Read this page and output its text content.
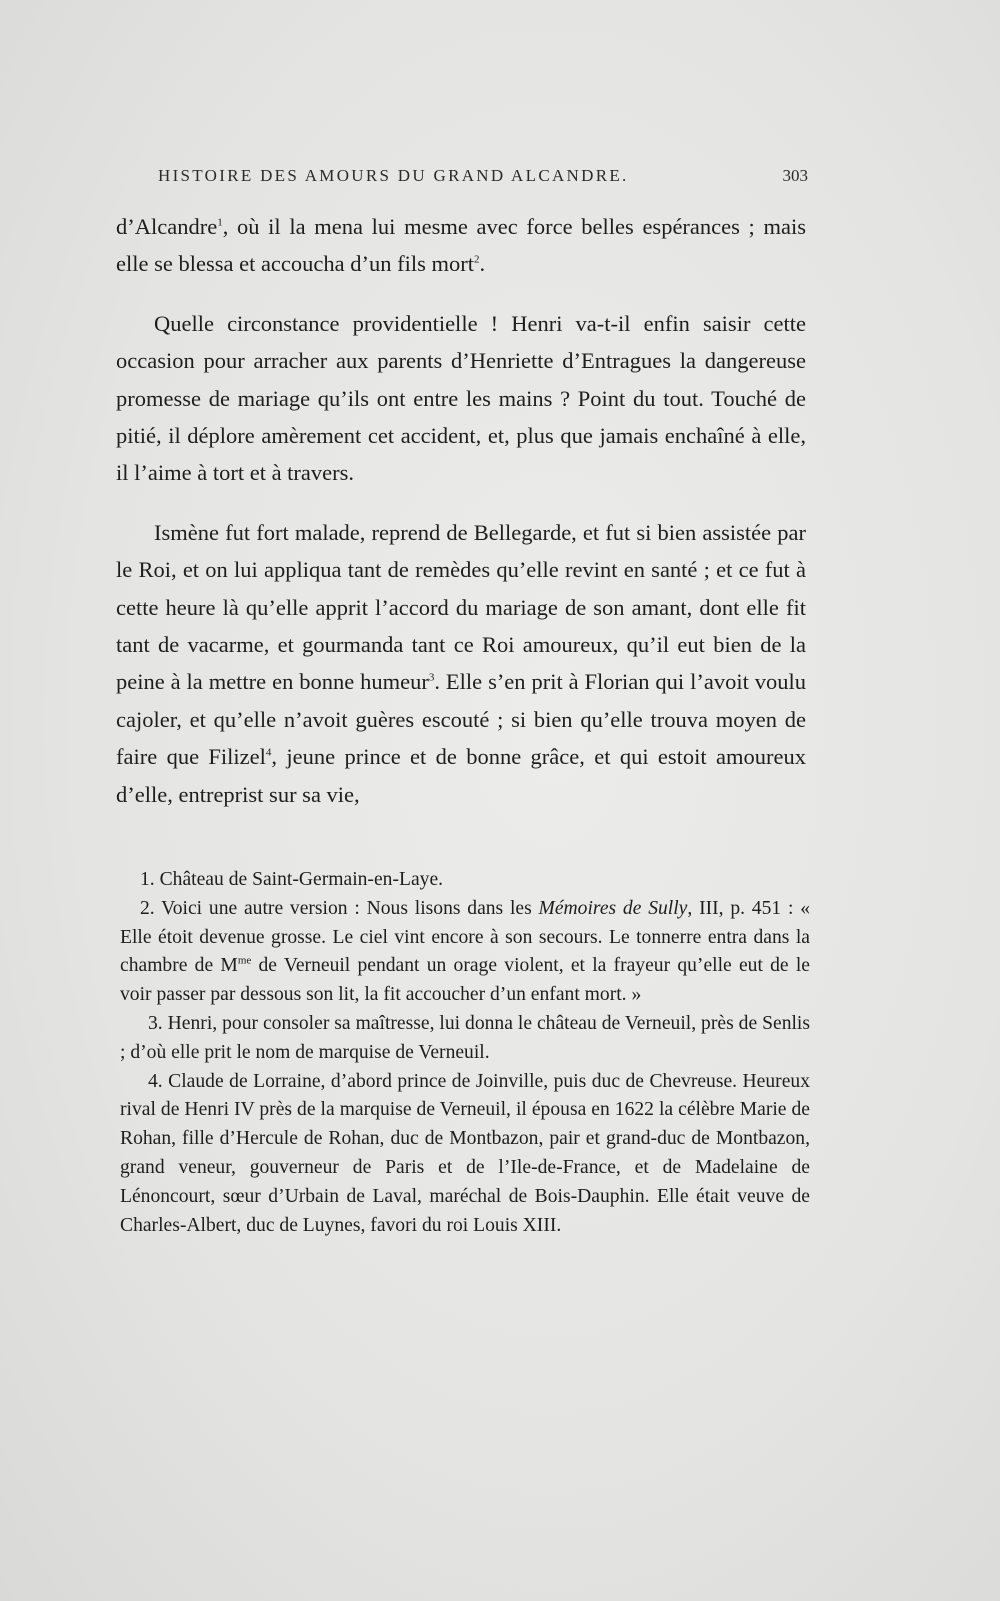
HISTOIRE DES AMOURS DU GRAND ALCANDRE.	303

d’Alcandre$^1$, où il la mena lui mesme avec force belles espérances ; mais elle se blessa et accoucha d’un fils mort$^2$.

Quelle circonstance providentielle ! Henri va-t-il enfin saisir cette occasion pour arracher aux parents d’Henriette d’Entragues la dangereuse promesse de mariage qu’ils ont entre les mains ? Point du tout. Touché de pitié, il déplore amèrement cet accident, et, plus que jamais enchaîné à elle, il l’aime à tort et à travers.

Ismène fut fort malade, reprend de Bellegarde, et fut si bien assistée par le Roi, et on lui appliqua tant de remèdes qu’elle revint en santé ; et ce fut à cette heure là qu’elle apprit l’accord du mariage de son amant, dont elle fit tant de vacarme, et gourmanda tant ce Roi amoureux, qu’il eut bien de la peine à la mettre en bonne humeur$^3$. Elle s’en prit à Florian qui l’avoit voulu cajoler, et qu’elle n’avoit guères escouté ; si bien qu’elle trouva moyen de faire que Filizel$^4$, jeune prince et de bonne grâce, et qui estoit amoureux d’elle, entreprist sur sa vie,

1. Château de Saint-Germain-en-Laye.

2. Voici une autre version : Nous lisons dans les Mémoires de Sully, III, p. 451 : « Elle étoit devenue grosse. Le ciel vint encore à son secours. Le tonnerre entra dans la chambre de $M^{me}$ de Verneuil pendant un orage violent, et la frayeur qu’elle eut de le voir passer par dessous son lit, la fit accoucher d’un enfant mort. »

3. Henri, pour consoler sa maîtresse, lui donna le château de Verneuil, près de Senlis ; d’où elle prit le nom de marquise de Verneuil.

4. Claude de Lorraine, d’abord prince de Joinville, puis duc de Chevreuse. Heureux rival de Henri IV près de la marquise de Verneuil, il épousa en 1622 la célèbre Marie de Rohan, fille d’Hercule de Rohan, duc de Montbazon, pair et grand-duc de Montbazon, grand veneur, gouverneur de Paris et de l’Ile-de-France, et de Madelaine de Lénoncourt, sœur d’Urbain de Laval, maréchal de Bois-Dauphin. Elle était veuve de Charles-Albert, duc de Luynes, favori du roi Louis XIII.
